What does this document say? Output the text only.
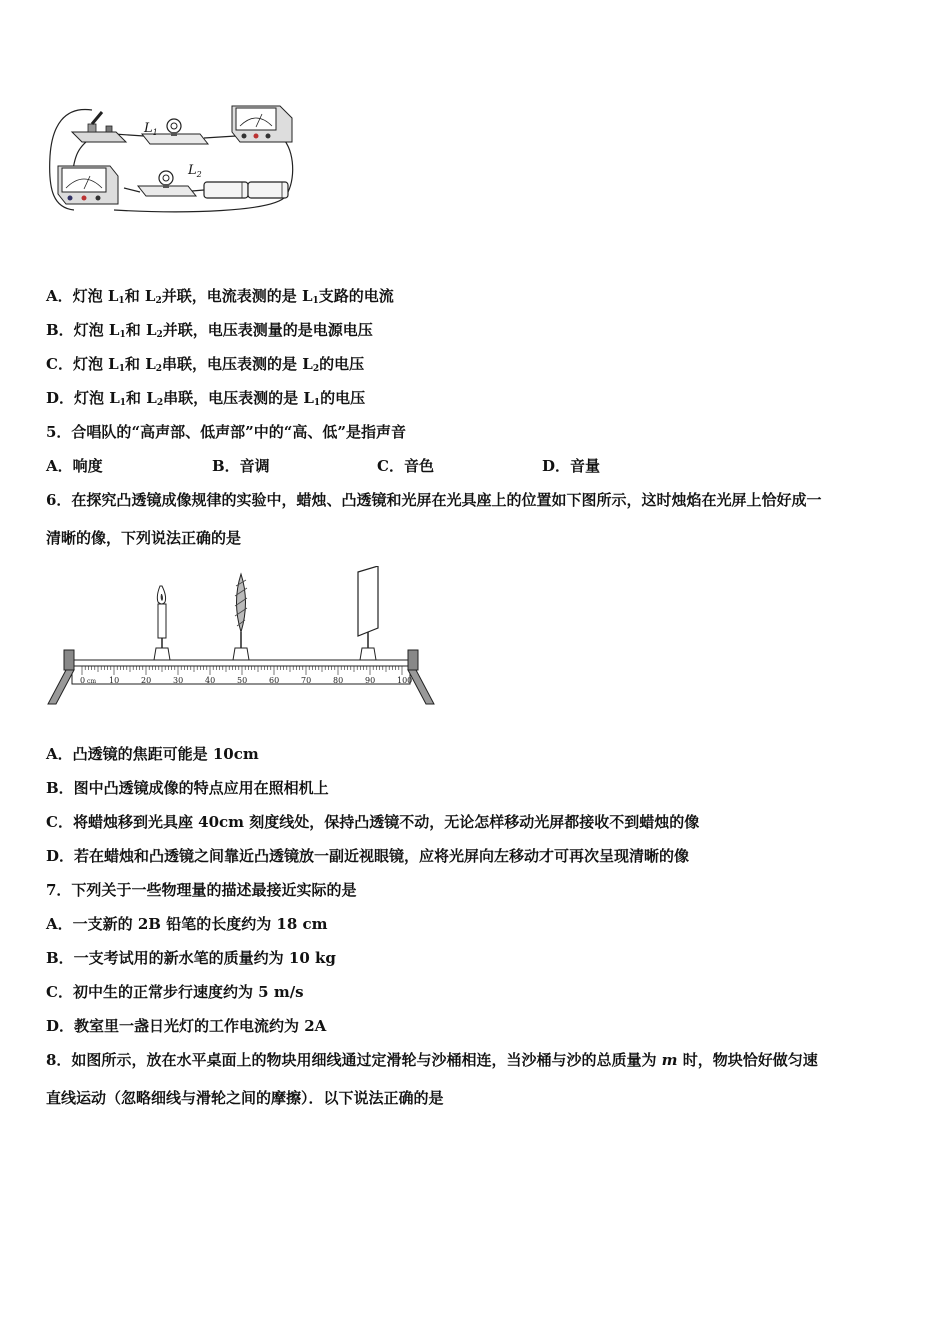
$L_1$
$L_2$
A．灯泡 $L_1$和 $L_2$并联，电流表测的是 $L_1$支路的电流
B．灯泡 $L_1$和 $L_2$并联，电压表测量的是电源电压
C．灯泡 $L_1$和 $L_2$串联，电压表测的是 $L_2$的电压
D．灯泡 $L_1$和 $L_2$串联，电压表测的是 $L_1$的电压
5．合唱队的“高声部、低声部”中的“高、低”是指声音
A．响度	B．音调	C．音色	D．音量
6．在探究凸透镜成像规律的实验中，蜡烛、凸透镜和光屏在光具座上的位置如下图所示，这时烛焰在光屏上恰好成一
清晰的像，下列说法正确的是
0	10	20	30	40	50	60	70	80	90	100
cm
A．凸透镜的焦距可能是 10cm
B．图中凸透镜成像的特点应用在照相机上
C．将蜡烛移到光具座 40cm 刻度线处，保持凸透镜不动，无论怎样移动光屏都接收不到蜡烛的像
D．若在蜡烛和凸透镜之间靠近凸透镜放一副近视眼镜，应将光屏向左移动才可再次呈现清晰的像
7．下列关于一些物理量的描述最接近实际的是
A．一支新的 2B 铅笔的长度约为 18 cm
B．一支考试用的新水笔的质量约为 10 kg
C．初中生的正常步行速度约为 5 m/s
D．教室里一盏日光灯的工作电流约为 2A
8．如图所示，放在水平桌面上的物块用细线通过定滑轮与沙桶相连，当沙桶与沙的总质量为 m 时，物块恰好做匀速
直线运动（忽略细线与滑轮之间的摩擦）．以下说法正确的是
